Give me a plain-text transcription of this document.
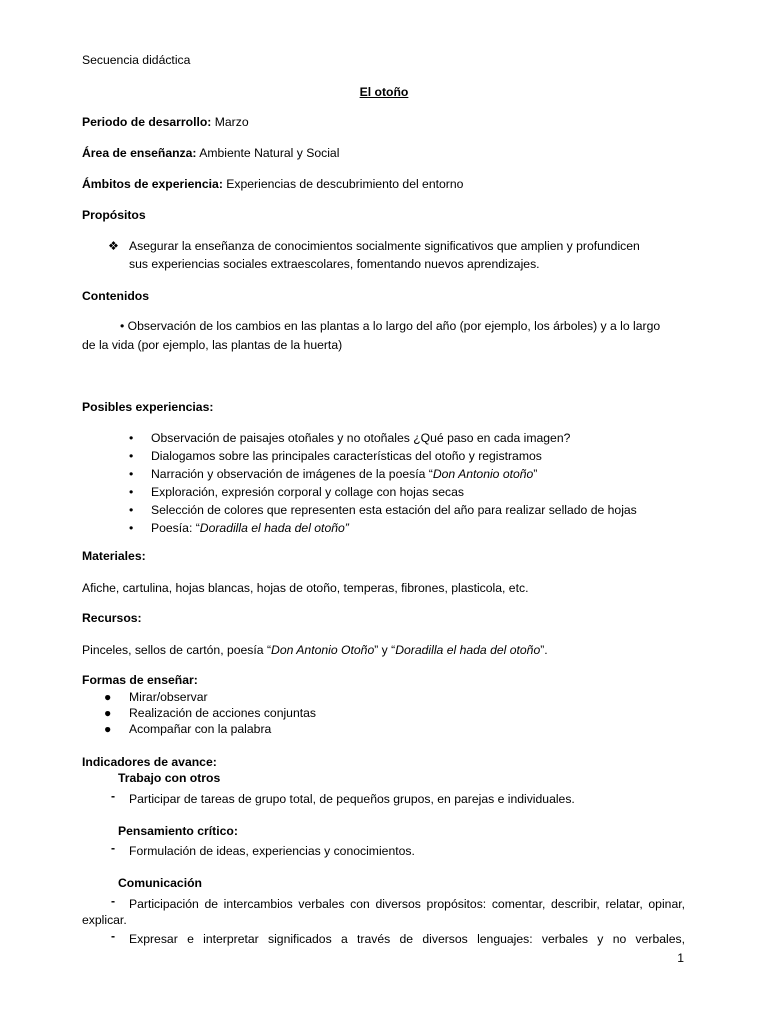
Secuencia didáctica
El otoño
Periodo de desarrollo: Marzo
Área de enseñanza: Ambiente Natural y Social
Ámbitos de experiencia: Experiencias de descubrimiento del entorno
Propósitos
❖ Asegurar la enseñanza de conocimientos socialmente significativos que amplien y profundicen
sus experiencias sociales extraescolares, fomentando nuevos aprendizajes.
Contenidos
• Observación de los cambios en las plantas a lo largo del año (por ejemplo, los árboles) y a lo largo
de la vida (por ejemplo, las plantas de la huerta)
Posibles experiencias:
• Observación de paisajes otoñales y no otoñales ¿Qué paso en cada imagen?
• Dialogamos sobre las principales características del otoño y registramos
• Narración y observación de imágenes de la poesía “Don Antonio otoño”
• Exploración, expresión corporal y collage con hojas secas
• Selección de colores que representen esta estación del año para realizar sellado de hojas
• Poesía: “Doradilla el hada del otoño”
Materiales:
Afiche, cartulina, hojas blancas, hojas de otoño, temperas, fibrones, plasticola, etc.
Recursos:
Pinceles, sellos de cartón, poesía “Don Antonio Otoño” y “Doradilla el hada del otoño”.
Formas de enseñar:
● Mirar/observar
● Realización de acciones conjuntas
● Acompañar con la palabra
Indicadores de avance:
Trabajo con otros
- Participar de tareas de grupo total, de pequeños grupos, en parejas e individuales.
Pensamiento crítico:
- Formulación de ideas, experiencias y conocimientos.
Comunicación
-	Participación de intercambios verbales con diversos propósitos: comentar, describir, relatar, opinar, explicar.
- Expresar e interpretar significados a través de diversos lenguajes: verbales y no verbales,
1
